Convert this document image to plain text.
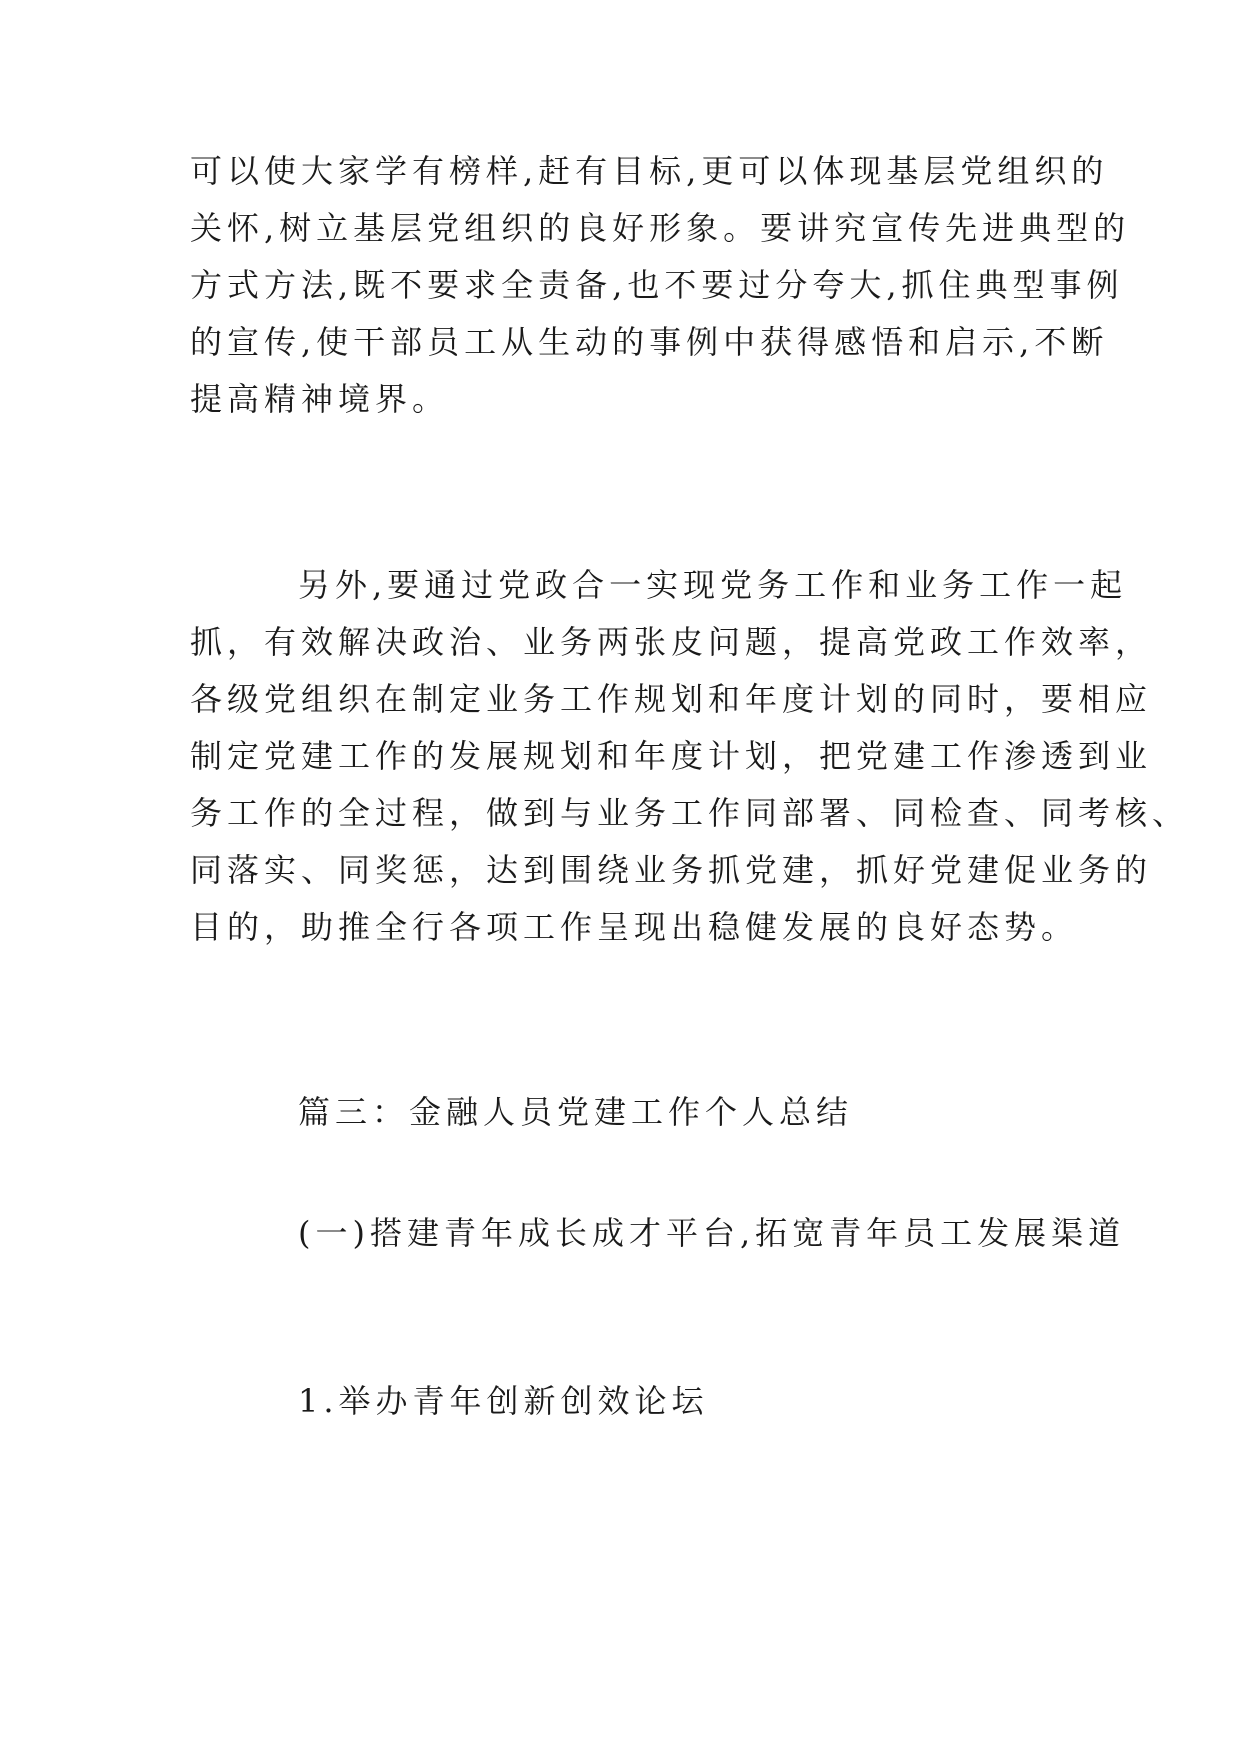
可以使大家学有榜样,赶有目标,更可以体现基层党组织的
关怀,树立基层党组织的良好形象。要讲究宣传先进典型的
方式方法,既不要求全责备,也不要过分夸大,抓住典型事例
的宣传,使干部员工从生动的事例中获得感悟和启示,不断
提高精神境界。
另外,要通过党政合一实现党务工作和业务工作一起
抓，有效解决政治、业务两张皮问题，提高党政工作效率，
各级党组织在制定业务工作规划和年度计划的同时，要相应
制定党建工作的发展规划和年度计划，把党建工作渗透到业
务工作的全过程，做到与业务工作同部署、同检查、同考核、
同落实、同奖惩，达到围绕业务抓党建，抓好党建促业务的
目的，助推全行各项工作呈现出稳健发展的良好态势。
篇三：金融人员党建工作个人总结
(一)搭建青年成长成才平台,拓宽青年员工发展渠道
1.举办青年创新创效论坛
